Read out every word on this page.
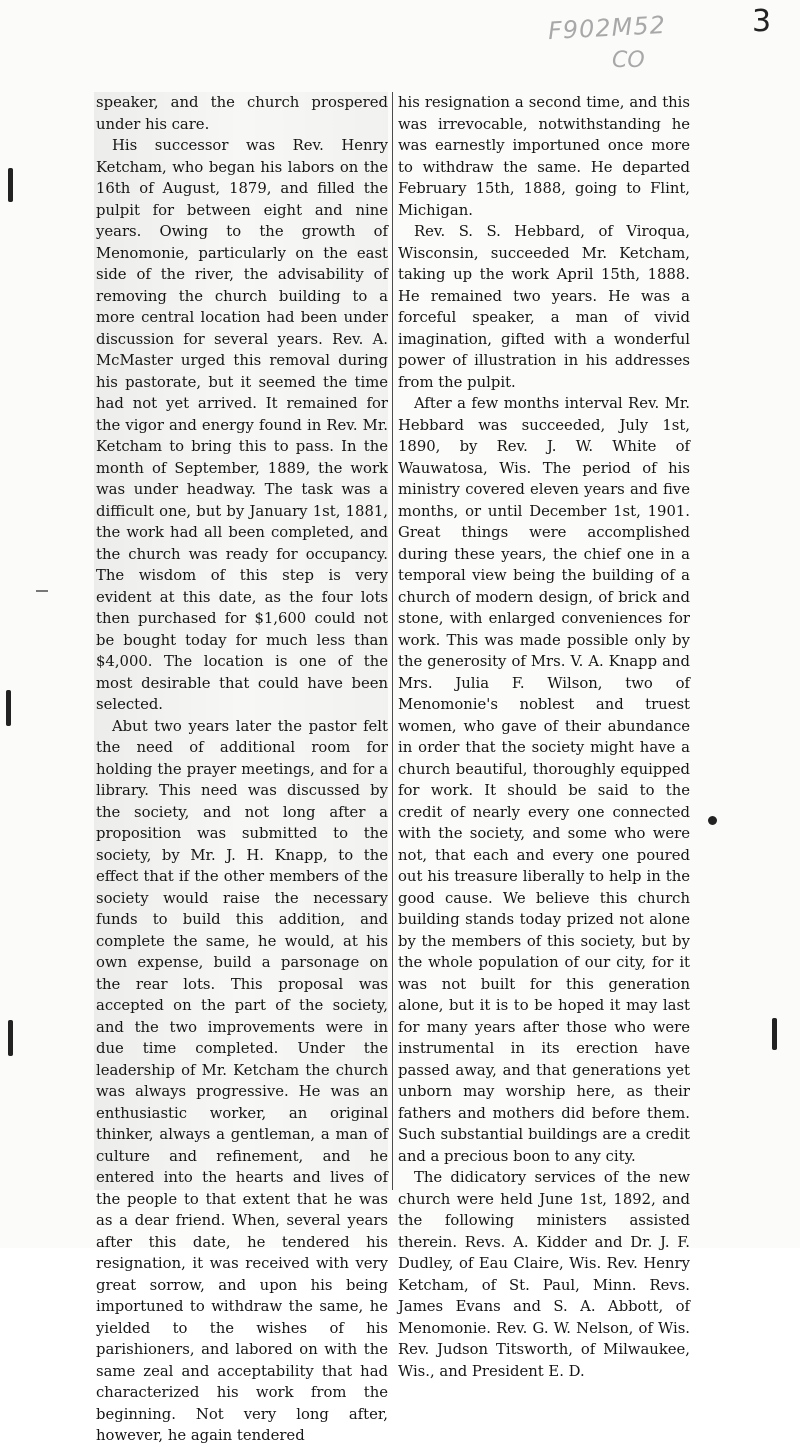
F902M52
CO
3

speaker, and the church prospered under his care.

His successor was Rev. Henry Ketcham, who began his labors on the 16th of August, 1879, and filled the pulpit for between eight and nine years. Owing to the growth of Menomonie, particularly on the east side of the river, the advisability of removing the church building to a more central location had been under discussion for several years. Rev. A. McMaster urged this removal during his pastorate, but it seemed the time had not yet arrived. It remained for the vigor and energy found in Rev. Mr. Ketcham to bring this to pass. In the month of September, 1889, the work was under headway. The task was a difficult one, but by January 1st, 1881, the work had all been completed, and the church was ready for occupancy. The wisdom of this step is very evident at this date, as the four lots then purchased for $1,600 could not be bought today for much less than $4,000. The location is one of the most desirable that could have been selected.

Abut two years later the pastor felt the need of additional room for holding the prayer meetings, and for a library. This need was discussed by the society, and not long after a proposition was submitted to the society, by Mr. J. H. Knapp, to the effect that if the other members of the society would raise the necessary funds to build this addition, and complete the same, he would, at his own expense, build a parsonage on the rear lots. This proposal was accepted on the part of the society, and the two improvements were in due time completed. Under the leadership of Mr. Ketcham the church was always progressive. He was an enthusiastic worker, an original thinker, always a gentleman, a man of culture and refinement, and he entered into the hearts and lives of the people to that extent that he was as a dear friend. When, several years after this date, he tendered his resignation, it was received with very great sorrow, and upon his being importuned to withdraw the same, he yielded to the wishes of his parishioners, and labored on with the same zeal and acceptability that had characterized his work from the beginning. Not very long after, however, he again tendered

his resignation a second time, and this was irrevocable, notwithstanding he was earnestly importuned once more to withdraw the same. He departed February 15th, 1888, going to Flint, Michigan.

Rev. S. S. Hebbard, of Viroqua, Wisconsin, succeeded Mr. Ketcham, taking up the work April 15th, 1888. He remained two years. He was a forceful speaker, a man of vivid imagination, gifted with a wonderful power of illustration in his addresses from the pulpit.

After a few months interval Rev. Mr. Hebbard was succeeded, July 1st, 1890, by Rev. J. W. White of Wauwatosa, Wis. The period of his ministry covered eleven years and five months, or until December 1st, 1901. Great things were accomplished during these years, the chief one in a temporal view being the building of a church of modern design, of brick and stone, with enlarged conveniences for work. This was made possible only by the generosity of Mrs. V. A. Knapp and Mrs. Julia F. Wilson, two of Menomonie's noblest and truest women, who gave of their abundance in order that the society might have a church beautiful, thoroughly equipped for work. It should be said to the credit of nearly every one connected with the society, and some who were not, that each and every one poured out his treasure liberally to help in the good cause. We believe this church building stands today prized not alone by the members of this society, but by the whole population of our city, for it was not built for this generation alone, but it is to be hoped it may last for many years after those who were instrumental in its erection have passed away, and that generations yet unborn may worship here, as their fathers and mothers did before them. Such substantial buildings are a credit and a precious boon to any city.

The didicatory services of the new church were held June 1st, 1892, and the following ministers assisted therein. Revs. A. Kidder and Dr. J. F. Dudley, of Eau Claire, Wis. Rev. Henry Ketcham, of St. Paul, Minn. Revs. James Evans and S. A. Abbott, of Menomonie. Rev. G. W. Nelson, of Wis. Rev. Judson Titsworth, of Milwaukee, Wis., and President E. D.
